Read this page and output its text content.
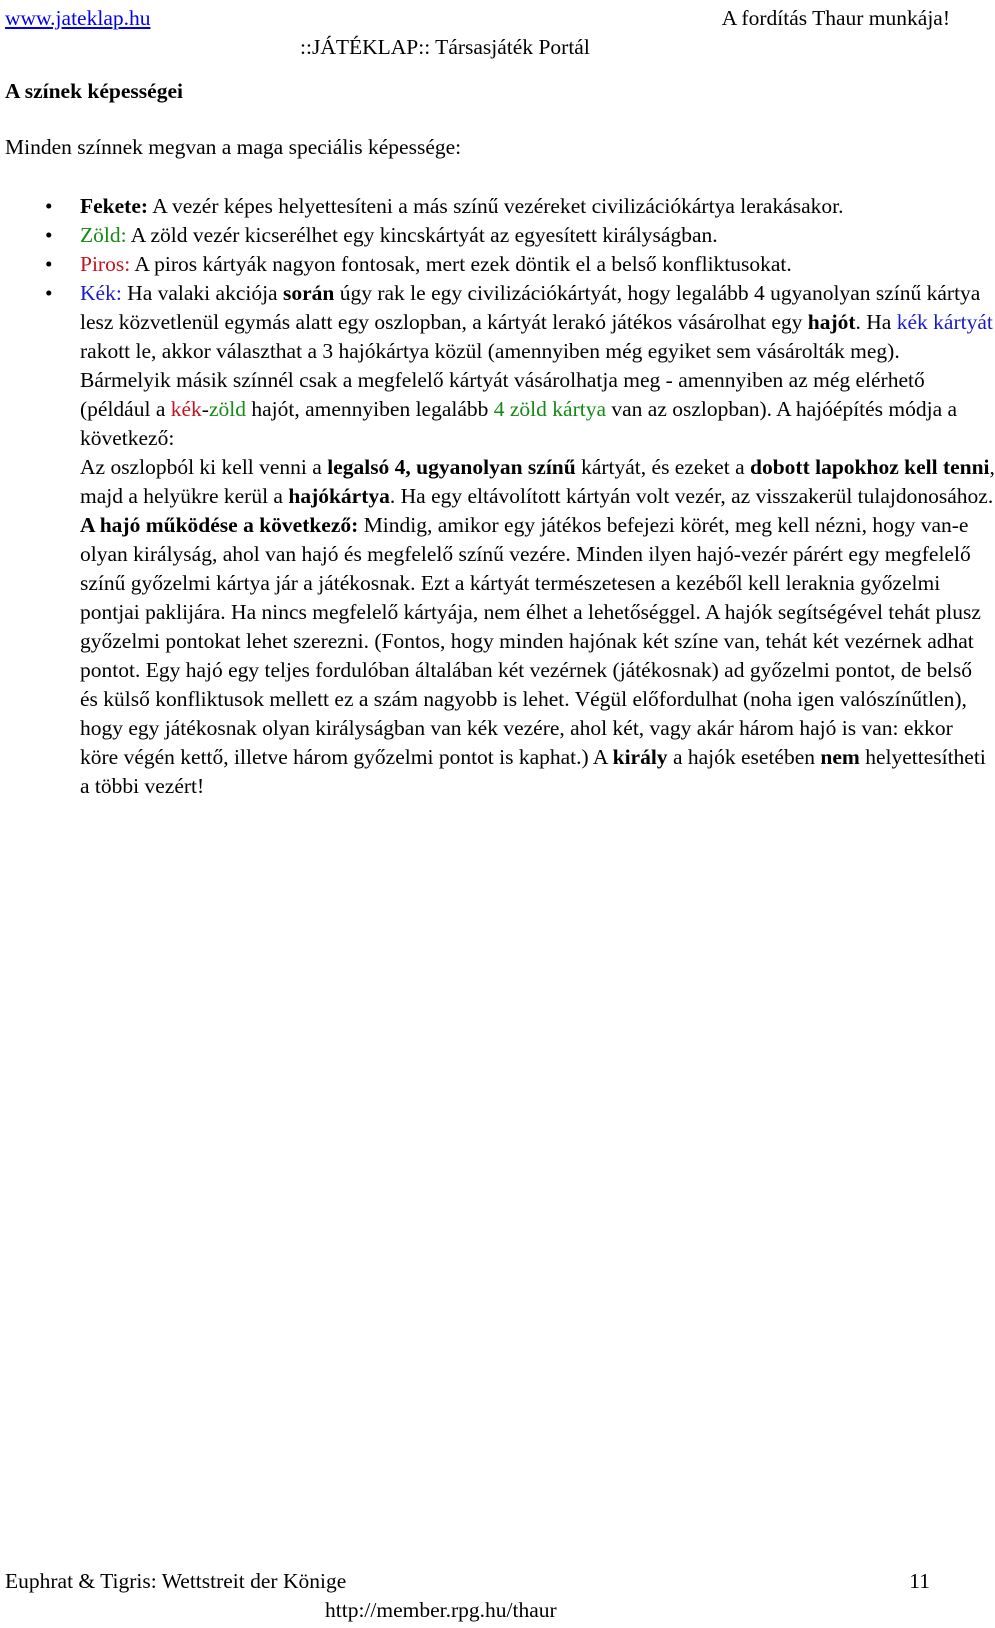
www.jateklap.hu	A fordítás Thaur munkája!
::JÁTÉKLAP:: Társasjáték Portál
A színek képességei
Minden színnek megvan a maga speciális képessége:
• Fekete: A vezér képes helyettesíteni a más színű vezéreket civilizációkártya lerakásakor.
• Zöld: A zöld vezér kicserélhet egy kincskártyát az egyesített királyságban.
• Piros: A piros kártyák nagyon fontosak, mert ezek döntik el a belső konfliktusokat.
• Kék: Ha valaki akciója során úgy rak le egy civilizációkártyát, hogy legalább 4 ugyanolyan színű kártya lesz közvetlenül egymás alatt egy oszlopban, a kártyát lerakó játékos vásárolhat egy hajót. Ha kék kártyát rakott le, akkor választhat a 3 hajókártya közül (amennyiben még egyiket sem vásárolták meg). Bármelyik másik színnél csak a megfelelő kártyát vásárolhatja meg - amennyiben az még elérhető (például a kék-zöld hajót, amennyiben legalább 4 zöld kártya van az oszlopban). A hajóépítés módja a következő:
Az oszlopból ki kell venni a legalsó 4, ugyanolyan színű kártyát, és ezeket a dobott lapokhoz kell tenni, majd a helyükre kerül a hajókártya. Ha egy eltávolított kártyán volt vezér, az visszakerül tulajdonosához.
A hajó működése a következő: Mindig, amikor egy játékos befejezi körét, meg kell nézni, hogy van-e olyan királyság, ahol van hajó és megfelelő színű vezére. Minden ilyen hajó-vezér párért egy megfelelő színű győzelmi kártya jár a játékosnak. Ezt a kártyát természetesen a kezéből kell leraknia győzelmi pontjai paklijára. Ha nincs megfelelő kártyája, nem élhet a lehetőséggel. A hajók segítségével tehát plusz győzelmi pontokat lehet szerezni. (Fontos, hogy minden hajónak két színe van, tehát két vezérnek adhat pontot. Egy hajó egy teljes fordulóban általában két vezérnek (játékosnak) ad győzelmi pontot, de belső és külső konfliktusok mellett ez a szám nagyobb is lehet. Végül előfordulhat (noha igen valószínűtlen), hogy egy játékosnak olyan királyságban van kék vezére, ahol két, vagy akár három hajó is van: ekkor köre végén kettő, illetve három győzelmi pontot is kaphat.) A király a hajók esetében nem helyettesítheti a többi vezért!
Euphrat & Tigris: Wettstreit der Könige	11
http://member.rpg.hu/thaur
